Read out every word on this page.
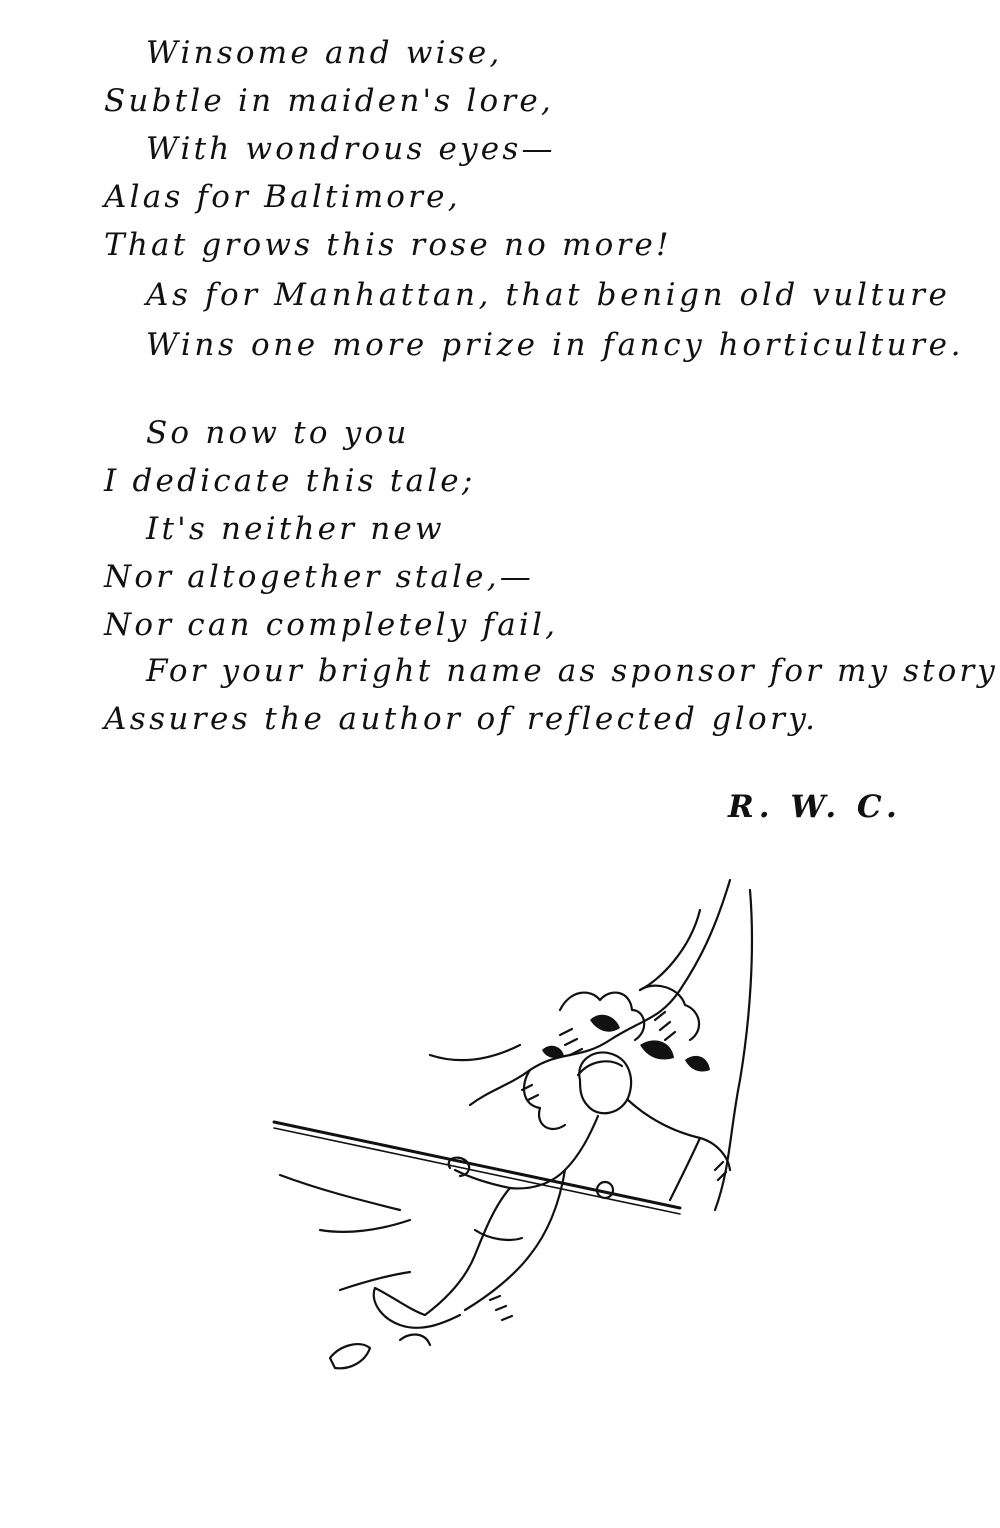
Winsome and wise,
Subtle in maiden's lore,
With wondrous eyes—
Alas for Baltimore,
That grows this rose no more!
As for Manhattan, that benign old vulture
Wins one more prize in fancy horticulture.
So now to you
I dedicate this tale;
It's neither new
Nor altogether stale,—
Nor can completely fail,
For your bright name as sponsor for my story
Assures the author of reflected glory.
R. W. C.
